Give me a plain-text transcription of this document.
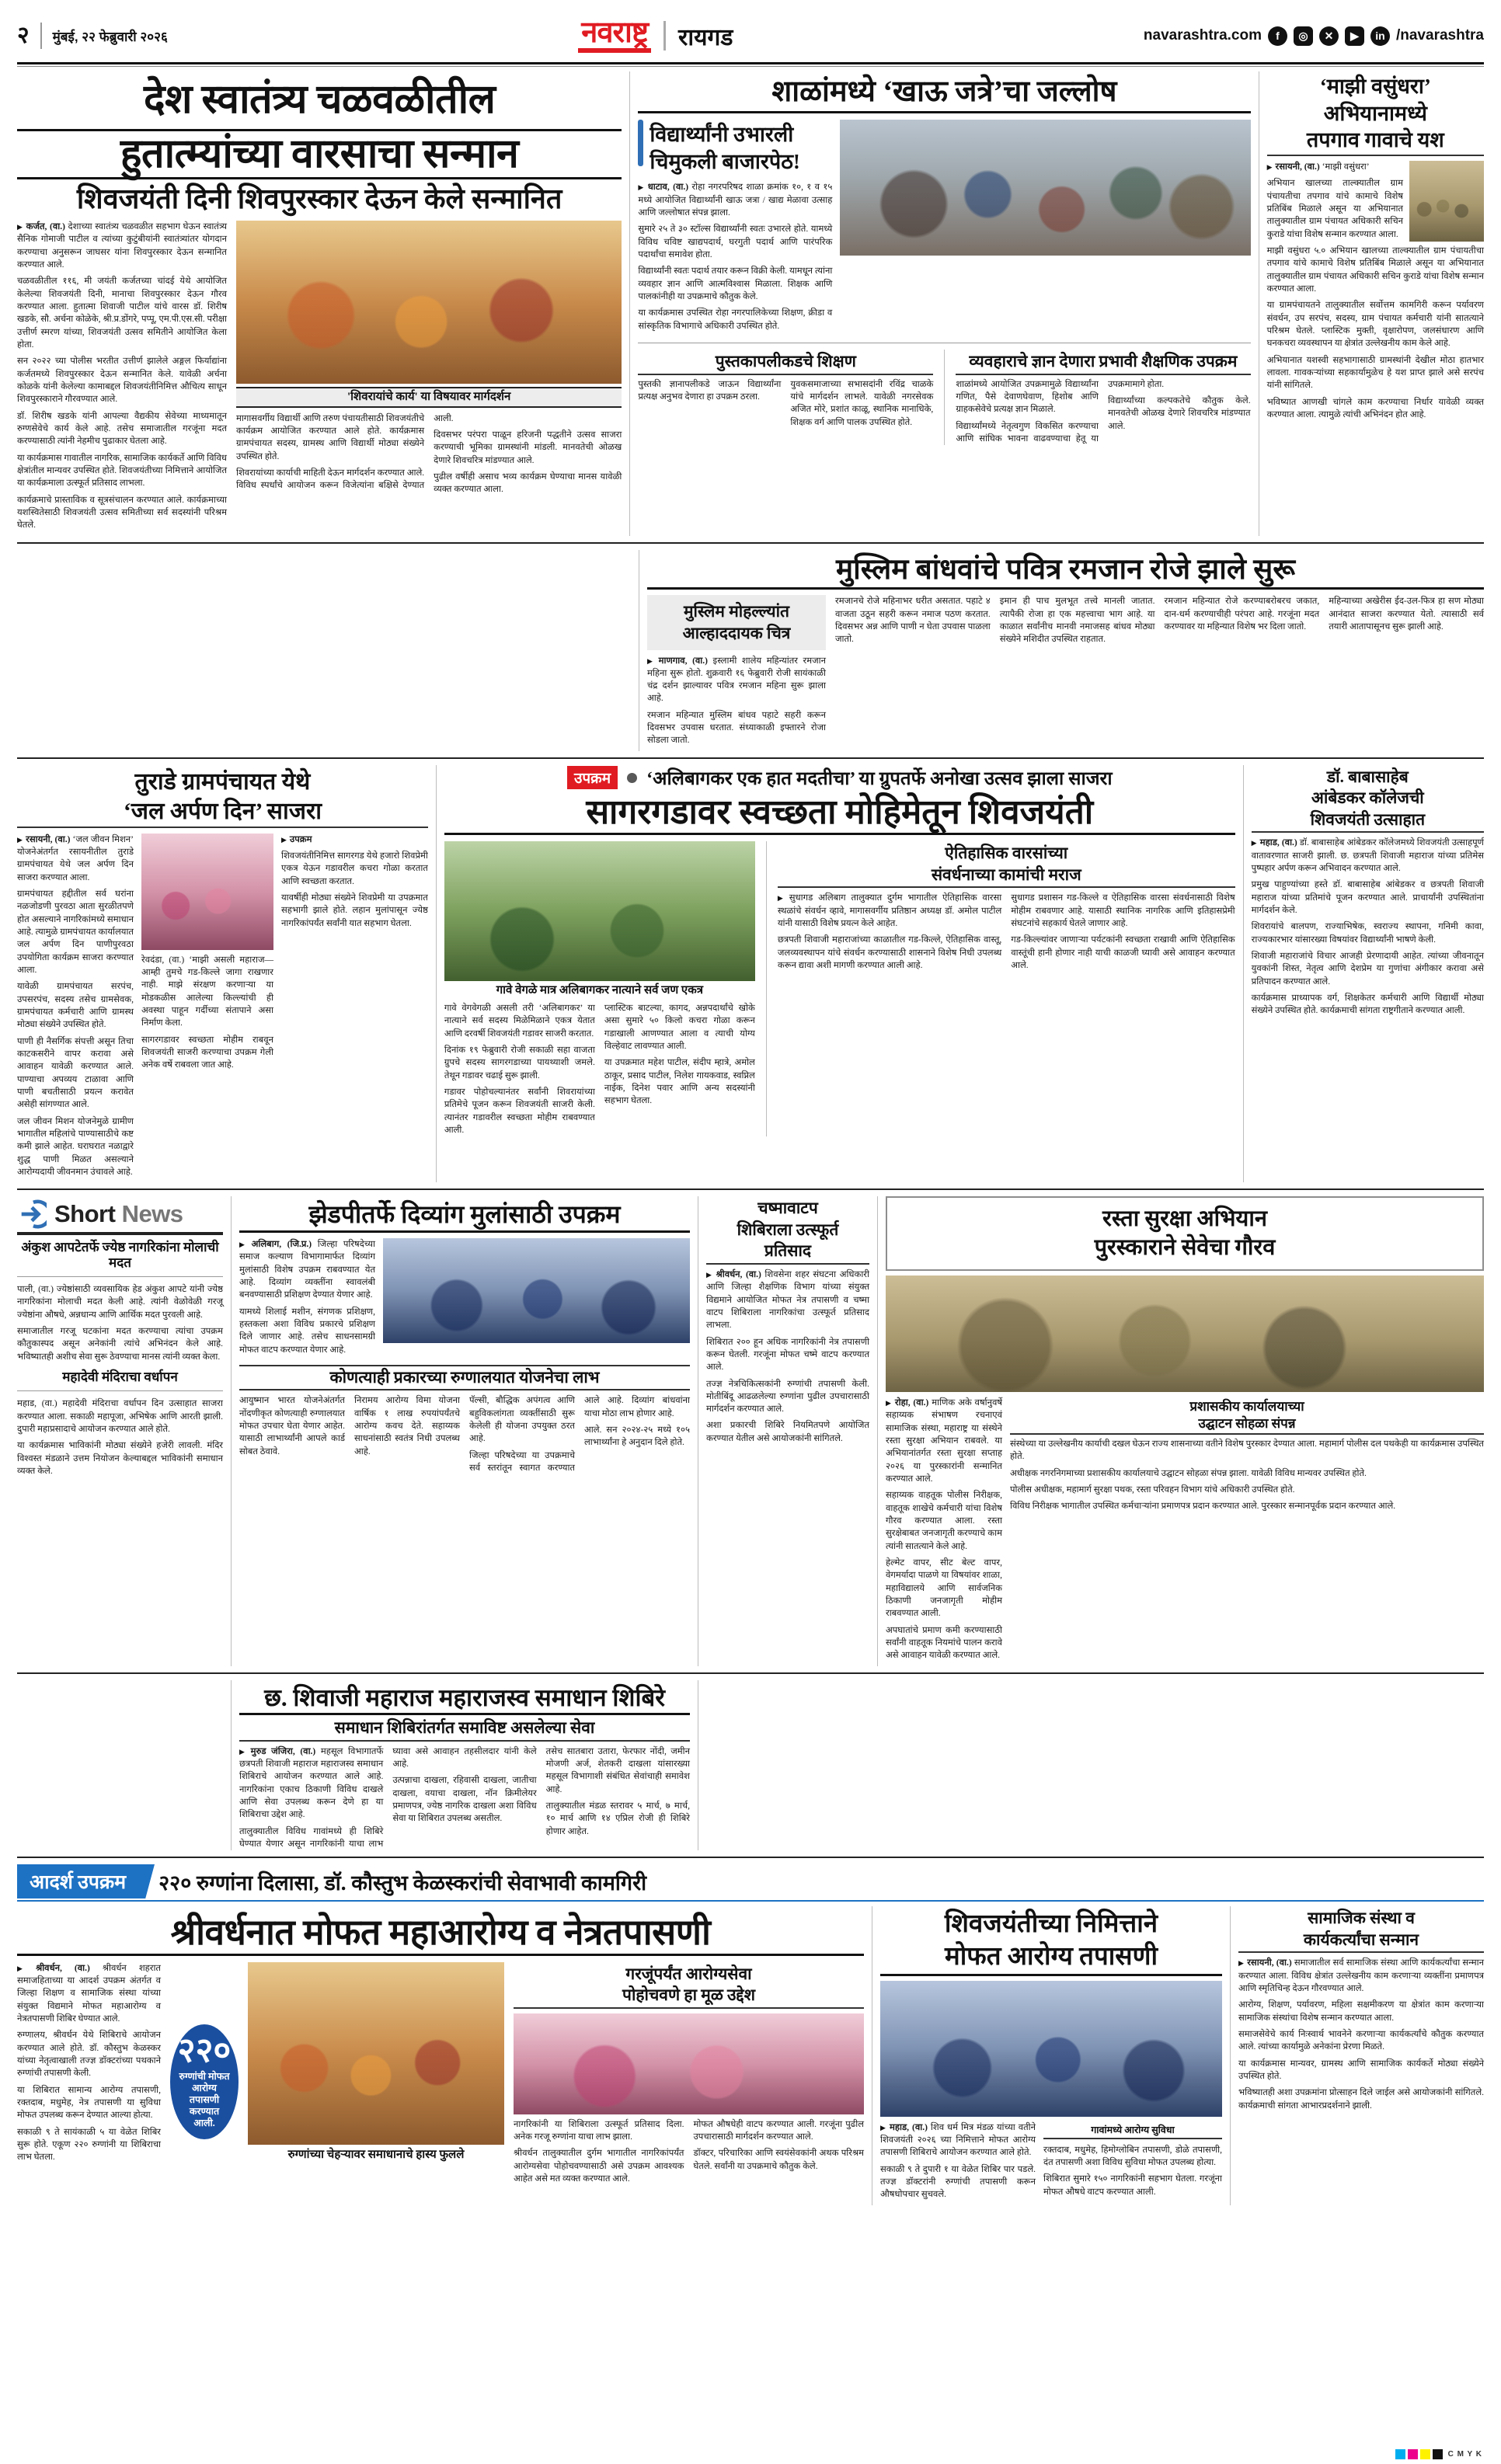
२ मुंबई, २२ फेब्रुवारी २०२६	नवराष्ट्र रायगड	navarashtra.com	f	◎	✕	▶	in /navarashtra
देश स्वातंत्र्य चळवळीतील
हुतात्म्यांच्या वारसाचा सन्मान
शिवजयंती दिनी शिवपुरस्कार देऊन केले सन्मानित

▶ कर्जत, (वा.) देशाच्या स्वातंत्र्य चळवळीत सहभाग घेऊन स्वातंत्र्य सैनिक गोमाजी पाटील व त्यांच्या कुटुंबीयांनी स्वातंत्र्यांतर योगदान करण्याचा अनुसरून जाघसर यांना शिवपुरस्कार देऊन सन्मानित करण्यात आले.

चळवळीतील ११६, मी जयंती कर्जतच्या चांदई येथे आयोजित केलेल्या शिवजयंती दिनी, मानाचा शिवपुरस्कार देऊन गौरव करण्यात आला. हुतात्मा शिवाजी पाटील यांचे वारस डॉ. शिरीष खडके, सौ. अर्चना कोळेके, श्री.प्र.डोंगरे, पप्पू, एम.पी.एस.सी. परीक्षा उत्तीर्ण स्मरण यांच्या, शिवजयंती उत्सव समितीने आयोजित केला होता.

सन २०२२ च्या पोलीस भरतीत उत्तीर्ण झालेले अङ्गल फिर्याद्यांना कर्जतमध्ये शिवपुरस्कार देऊन सन्मानित केले. यावेळी अर्चना कोळके यांनी केलेल्या कामाबद्दल शिवजयंतीनिमित्त औचित्य साधून शिवपुरस्काराने गौरवण्यात आले.

डॉ. शिरीष खडके यांनी आपल्या वैद्यकीय सेवेच्या माध्यमातून रुग्णसेवेचे कार्य केले आहे. तसेच समाजातील गरजूंना मदत करण्यासाठी त्यांनी नेहमीच पुढाकार घेतला आहे.

या कार्यक्रमास गावातील नागरिक, सामाजिक कार्यकर्ते आणि विविध क्षेत्रांतील मान्यवर उपस्थित होते. शिवजयंतीच्या निमित्ताने आयोजित या कार्यक्रमाला उत्स्फूर्त प्रतिसाद लाभला.

कार्यक्रमाचे प्रास्ताविक व सूत्रसंचालन करण्यात आले. कार्यक्रमाच्या यशस्वितेसाठी शिवजयंती उत्सव समितीच्या सर्व सदस्यांनी परिश्रम घेतले.

'शिवरायांचे कार्य' या विषयावर मार्गदर्शन

मागासवर्गीय विद्यार्थी आणि तरुण पंचायतीसाठी शिवजयंतीचे कार्यक्रम आयोजित करण्यात आले होते. कार्यक्रमास ग्रामपंचायत सदस्य, ग्रामस्थ आणि विद्यार्थी मोठ्या संख्येने उपस्थित होते.

शिवरायांच्या कार्याची माहिती देऊन मार्गदर्शन करण्यात आले. विविध स्पर्धांचे आयोजन करून विजेत्यांना बक्षिसे देण्यात आली.

दिवसभर परंपरा पाळून हरिजनी पद्धतीने उत्सव साजरा करण्याची भूमिका ग्रामस्थांनी मांडली. मानवतेची ओळख देणारे शिवचरित्र मांडण्यात आले.

पुढील वर्षीही असाच भव्य कार्यक्रम घेण्याचा मानस यावेळी व्यक्त करण्यात आला.

शाळांमध्ये ‘खाऊ जत्रे’चा जल्लोष
विद्यार्थ्यांनी उभारली
चिमुकली बाजारपेठ!

▶ धाटाव, (वा.) रोहा नगरपरिषद शाळा क्रमांक १०, १ व १५ मध्ये आयोजित विद्यार्थ्यांनी खाऊ जत्रा / खाद्य मेळावा उत्साह आणि जल्लोषात संपन्न झाला.

सुमारे २५ ते ३० स्टॉल्स विद्यार्थ्यांनी स्वतः उभारले होते. यामध्ये विविध चविष्ट खाद्यपदार्थ, घरगुती पदार्थ आणि पारंपरिक पदार्थांचा समावेश होता.

विद्यार्थ्यांनी स्वतः पदार्थ तयार करून विक्री केली. यामधून त्यांना व्यवहार ज्ञान आणि आत्मविश्वास मिळाला. शिक्षक आणि पालकांनीही या उपक्रमाचे कौतुक केले.

या कार्यक्रमास उपस्थित रोहा नगरपालिकेच्या शिक्षण, क्रीडा व सांस्कृतिक विभागाचे अधिकारी उपस्थित होते.

पुस्तकापलीकडचे शिक्षण

पुस्तकी ज्ञानापलीकडे जाऊन विद्यार्थ्यांना प्रत्यक्ष अनुभव देणारा हा उपक्रम ठरला.

युवकसमाजाच्या सभासदांनी रविंद्र चाळके यांचे मार्गदर्शन लाभले. यावेळी नगरसेवक अजित मोरे, प्रशांत काळू, स्थानिक मानाधिके, शिक्षक वर्ग आणि पालक उपस्थित होते.

व्यवहाराचे ज्ञान देणारा प्रभावी शैक्षणिक उपक्रम

शाळांमध्ये आयोजित उपक्रमामुळे विद्यार्थ्यांना गणित, पैसे देवाणघेवाण, हिशोब आणि ग्राहकसेवेचे प्रत्यक्ष ज्ञान मिळाले.

विद्यार्थ्यांमध्ये नेतृत्वगुण विकसित करण्याचा आणि सांघिक भावना वाढवण्याचा हेतू या उपक्रमामागे होता.

विद्यार्थ्यांच्या कल्पकतेचे कौतुक केले. मानवतेची ओळख देणारे शिवचरित्र मांडण्यात आले.

‘माझी वसुंधरा’
अभियानामध्ये
तपगाव गावाचे यश

▶ रसायनी, (वा.) ‘माझी वसुंधरा’

अभियान खालच्या ताल्क्यातील ग्राम पंचायतीचा तपगाव यांचे कामाचे विशेष प्रतिबिंब मिळाले असून या अभियानात तालुक्यातील ग्राम पंचायत अधिकारी सचिन कुराडे यांचा विशेष सन्मान करण्यात आला.

माझी वसुंधरा ५.० अभियान खालच्या ताल्क्यातील ग्राम पंचायतीचा तपगाव यांचे कामाचे विशेष प्रतिबिंब मिळाले असून या अभियानात तालुक्यातील ग्राम पंचायत अधिकारी सचिन कुराडे यांचा विशेष सन्मान करण्यात आला.

या ग्रामपंचायतने तालुक्यातील सर्वोत्तम कामगिरी करून पर्यावरण संवर्धन, उप सरपंच, सदस्य, ग्राम पंचायत कर्मचारी यांनी सातत्याने परिश्रम घेतले. प्लास्टिक मुक्ती, वृक्षारोपण, जलसंधारण आणि घनकचरा व्यवस्थापन या क्षेत्रांत उल्लेखनीय काम केले आहे.

अभियानात यशस्वी सहभागासाठी ग्रामस्थांनी देखील मोठा हातभार लावला. गावकऱ्यांच्या सहकार्यामुळेच हे यश प्राप्त झाले असे सरपंच यांनी सांगितले.

भविष्यात आणखी चांगले काम करण्याचा निर्धार यावेळी व्यक्त करण्यात आला. त्यामुळे त्यांची अभिनंदन होत आहे.

मुस्लिम बांधवांचे पवित्र रमजान रोजे झाले सुरू
मुस्लिम मोहल्ल्यांत
आल्हाददायक चित्र

▶ माणगाव, (वा.) इस्लामी शालेय महिन्यांतर रमजान महिना सुरू होतो. शुक्रवारी १६ फेब्रुवारी रोजी सायंकाळी चंद्र दर्शन झाल्यावर पवित्र रमजान महिना सुरू झाला आहे.

रमजान महिन्यात मुस्लिम बांधव पहाटे सहरी करून दिवसभर उपवास धरतात. संध्याकाळी इफ्तारने रोजा सोडला जातो.

रमजानचे रोजे महिनाभर धरीत असतात. पहाटे ४ वाजता उठून सहरी करून नमाज पठण करतात. दिवसभर अन्न आणि पाणी न घेता उपवास पाळला जातो.

इमान ही पाच मुलभूत तत्त्वे मानली जातात. त्यापैकी रोजा हा एक महत्त्वाचा भाग आहे. या काळात सर्वांनीच मानवी नमाजसह बांधव मोठ्या संख्येने मशिदीत उपस्थित राहतात.

रमजान महिन्यात रोजे करण्याबरोबरच जकात, दान-धर्म करण्याचीही परंपरा आहे. गरजूंना मदत करण्यावर या महिन्यात विशेष भर दिला जातो.

महिन्याच्या अखेरीस ईद-उल-फित्र हा सण मोठ्या आनंदात साजरा करण्यात येतो. त्यासाठी सर्व तयारी आतापासूनच सुरू झाली आहे.

तुराडे ग्रामपंचायत येथे
‘जल अर्पण दिन’ साजरा

▶ रसायनी, (वा.) ‘जल जीवन मिशन’ योजनेअंतर्गत रसायनीतील तुराडे ग्रामपंचायत येथे जल अर्पण दिन साजरा करण्यात आला.

ग्रामपंचायत हद्दीतील सर्व घरांना नळजोडणी पुरवठा आता सुरळीतपणे होत असल्याने नागरिकांमध्ये समाधान आहे. त्यामुळे ग्रामपंचायत कार्यालयात जल अर्पण दिन पाणीपुरवठा उपयोगिता कार्यक्रम साजरा करण्यात आला.

यावेळी ग्रामपंचायत सरपंच, उपसरपंच, सदस्य तसेच ग्रामसेवक, ग्रामपंचायत कर्मचारी आणि ग्रामस्थ मोठ्या संख्येने उपस्थित होते.

पाणी ही नैसर्गिक संपत्ती असून तिचा काटकसरीने वापर करावा असे आवाहन यावेळी करण्यात आले. पाण्याचा अपव्यय टाळावा आणि पाणी बचतीसाठी प्रयत्न करावेत असेही सांगण्यात आले.

जल जीवन मिशन योजनेमुळे ग्रामीण भागातील महिलांचे पाण्यासाठीचे कष्ट कमी झाले आहेत. घराघरात नळाद्वारे शुद्ध पाणी मिळत असल्याने आरोग्यदायी जीवनमान उंचावले आहे.

रेवदंडा, (वा.) ‘माझी असली महाराज—आम्ही तुमचे गड-किल्ले जागा राखणार नाही. माझे संरक्षण करणाऱ्या या मोडकळीस आलेल्या किल्ल्यांची ही अवस्था पाहून गर्दीच्या संतापाने असा निर्माण केला.

सागरगडावर स्वच्छता मोहीम राबवून शिवजयंती साजरी करण्याचा उपक्रम गेली अनेक वर्षे राबवला जात आहे.

▶ उपक्रम

शिवजयंतीनिमित्त सागरगड येथे हजारो शिवप्रेमी एकत्र येऊन गडावरील कचरा गोळा करतात आणि स्वच्छता करतात.

यावर्षीही मोठ्या संख्येने शिवप्रेमी या उपक्रमात सहभागी झाले होते. लहान मुलांपासून ज्येष्ठ नागरिकांपर्यंत सर्वांनी यात सहभाग घेतला.

उपक्रम	‘अलिबागकर एक हात मदतीचा’ या ग्रुपतर्फे अनोखा उत्सव झाला साजरा
सागरगडावर स्वच्छता मोहिमेतून शिवजयंती
गावे वेगळे मात्र अलिबागकर नात्याने सर्व जण एकत्र

गावे वेगवेगळी असली तरी ‘अलिबागकर’ या नात्याने सर्व सदस्य मिळेमिळाने एकत्र येतात आणि दरवर्षी शिवजयंती गडावर साजरी करतात.

दिनांक १९ फेब्रुवारी रोजी सकाळी सहा वाजता ग्रुपचे सदस्य सागरगडाच्या पायथ्याशी जमले. तेथून गडावर चढाई सुरू झाली.

गडावर पोहोचल्यानंतर सर्वांनी शिवरायांच्या प्रतिमेचे पूजन करून शिवजयंती साजरी केली. त्यानंतर गडावरील स्वच्छता मोहीम राबवण्यात आली.

प्लास्टिक बाटल्या, कागद, अन्नपदार्थांचे खोके असा सुमारे ५० किलो कचरा गोळा करून गडाखाली आणण्यात आला व त्याची योग्य विल्हेवाट लावण्यात आली.

या उपक्रमात महेश पाटील, संदीप म्हात्रे, अमोल ठाकूर, प्रसाद पाटील, निलेश गायकवाड, स्वप्निल नाईक, दिनेश पवार आणि अन्य सदस्यांनी सहभाग घेतला.

ऐतिहासिक वारसांच्या
संवर्धनाच्या कामांची मराज

▶ सुधागड अलिबाग तालुक्यात दुर्गम भागातील ऐतिहासिक वारसा स्थळांचे संवर्धन व्हावे, मागासवर्गीय प्रतिष्ठान अध्यक्ष डॉ. अमोल पाटील यांनी यासाठी विशेष प्रयत्न केले आहेत.

छत्रपती शिवाजी महाराजांच्या काळातील गड-किल्ले, ऐतिहासिक वास्तू, जलव्यवस्थापन यांचे संवर्धन करण्यासाठी शासनाने विशेष निधी उपलब्ध करून द्यावा अशी मागणी करण्यात आली आहे.

सुधागड प्रशासन गड-किल्ले व ऐतिहासिक वारसा संवर्धनासाठी विशेष मोहीम राबवणार आहे. यासाठी स्थानिक नागरिक आणि इतिहासप्रेमी संघटनांचे सहकार्य घेतले जाणार आहे.

गड-किल्ल्यांवर जाणाऱ्या पर्यटकांनी स्वच्छता राखावी आणि ऐतिहासिक वास्तूंची हानी होणार नाही याची काळजी घ्यावी असे आवाहन करण्यात आले.

डॉ. बाबासाहेब
आंबेडकर कॉलेजची
शिवजयंती उत्साहात

▶ महाड, (वा.) डॉ. बाबासाहेब आंबेडकर कॉलेजमध्ये शिवजयंती उत्साहपूर्ण वातावरणात साजरी झाली. छ. छत्रपती शिवाजी महाराज यांच्या प्रतिमेस पुष्पहार अर्पण करून अभिवादन करण्यात आले.

प्रमुख पाहुण्यांच्या हस्ते डॉ. बाबासाहेब आंबेडकर व छत्रपती शिवाजी महाराज यांच्या प्रतिमांचे पूजन करण्यात आले. प्राचार्यांनी उपस्थितांना मार्गदर्शन केले.

शिवरायांचे बालपण, राज्याभिषेक, स्वराज्य स्थापना, गनिमी कावा, राज्यकारभार यांसारख्या विषयांवर विद्यार्थ्यांनी भाषणे केली.

शिवाजी महाराजांचे विचार आजही प्रेरणादायी आहेत. त्यांच्या जीवनातून युवकांनी शिस्त, नेतृत्व आणि देशप्रेम या गुणांचा अंगीकार करावा असे प्रतिपादन करण्यात आले.

कार्यक्रमास प्राध्यापक वर्ग, शिक्षकेतर कर्मचारी आणि विद्यार्थी मोठ्या संख्येने उपस्थित होते. कार्यक्रमाची सांगता राष्ट्रगीताने करण्यात आली.

Short News
अंकुश आपटेतर्फे ज्येष्ठ नागरिकांना मोलाची मदत

पाली, (वा.) ज्येष्ठांसाठी व्यवसायिक हेड अंकुश आपटे यांनी ज्येष्ठ नागरिकांना मोलाची मदत केली आहे. त्यांनी वेळोवेळी गरजू ज्येष्ठांना औषधे, अन्नधान्य आणि आर्थिक मदत पुरवली आहे.

समाजातील गरजू घटकांना मदत करण्याचा त्यांचा उपक्रम कौतुकास्पद असून अनेकांनी त्यांचे अभिनंदन केले आहे. भविष्यातही अशीच सेवा सुरू ठेवण्याचा मानस त्यांनी व्यक्त केला.

महादेवी मंदिराचा वर्धापन

महाड, (वा.) महादेवी मंदिराचा वर्धापन दिन उत्साहात साजरा करण्यात आला. सकाळी महापूजा, अभिषेक आणि आरती झाली. दुपारी महाप्रसादाचे आयोजन करण्यात आले होते.

या कार्यक्रमास भाविकांनी मोठ्या संख्येने हजेरी लावली. मंदिर विश्वस्त मंडळाने उत्तम नियोजन केल्याबद्दल भाविकांनी समाधान व्यक्त केले.

झेडपीतर्फे दिव्यांग मुलांसाठी उपक्रम

▶ अलिबाग, (जि.प्र.) जिल्हा परिषदेच्या समाज कल्याण विभागामार्फत दिव्यांग मुलांसाठी विशेष उपक्रम राबवण्यात येत आहे. दिव्यांग व्यक्तींना स्वावलंबी बनवण्यासाठी प्रशिक्षण देण्यात येणार आहे.

यामध्ये शिलाई मशीन, संगणक प्रशिक्षण, हस्तकला अशा विविध प्रकारचे प्रशिक्षण दिले जाणार आहे. तसेच साधनसामग्री मोफत वाटप करण्यात येणार आहे.

कोणत्याही प्रकारच्या रुग्णालयात योजनेचा लाभ

आयुष्मान भारत योजनेअंतर्गत नोंदणीकृत कोणत्याही रुग्णालयात मोफत उपचार घेता येणार आहेत. यासाठी लाभार्थ्यांनी आपले कार्ड सोबत ठेवावे.

निरामय आरोग्य विमा योजना वार्षिक १ लाख रुपयांपर्यंतचे आरोग्य कवच देते. सहाय्यक साधनांसाठी स्वतंत्र निधी उपलब्ध आहे.

पॅल्सी, बौद्धिक अपंगत्व आणि बहुविकलांगता व्यक्तींसाठी सुरू केलेली ही योजना उपयुक्त ठरत आहे.

जिल्हा परिषदेच्या या उपक्रमाचे सर्व स्तरांतून स्वागत करण्यात आले आहे. दिव्यांग बांधवांना याचा मोठा लाभ होणार आहे.

आले. सन २०२४-२५ मध्ये १०५ लाभार्थ्यांना हे अनुदान दिले होते.

चष्मावाटप
शिबिराला उत्स्फूर्त
प्रतिसाद

▶ श्रीवर्धन, (वा.) शिवसेना शहर संघटना अधिकारी आणि जिल्हा शैक्षणिक विभाग यांच्या संयुक्त विद्यमाने आयोजित मोफत नेत्र तपासणी व चष्मा वाटप शिबिराला नागरिकांचा उत्स्फूर्त प्रतिसाद लाभला.

शिबिरात २०० हून अधिक नागरिकांनी नेत्र तपासणी करून घेतली. गरजूंना मोफत चष्मे वाटप करण्यात आले.

तज्ज्ञ नेत्रचिकित्सकांनी रुग्णांची तपासणी केली. मोतीबिंदू आढळलेल्या रुग्णांना पुढील उपचारासाठी मार्गदर्शन करण्यात आले.

अशा प्रकारची शिबिरे नियमितपणे आयोजित करण्यात येतील असे आयोजकांनी सांगितले.

रस्ता सुरक्षा अभियान
पुरस्काराने सेवेचा गौरव

▶ रोहा, (वा.) माणिक अके वर्षानुवर्षे सहाय्यक संभाषण रचनाएवं सामाजिक संस्था, महाराष्ट्र या संस्थेने रस्ता सुरक्षा अभियान राबवले. या अभियानांतर्गत रस्ता सुरक्षा सप्ताह २०२६ या पुरस्कारांनी सन्मानित करण्यात आले.

सहाय्यक वाहतूक पोलीस निरीक्षक, वाहतूक शाखेचे कर्मचारी यांचा विशेष गौरव करण्यात आला. रस्ता सुरक्षेबाबत जनजागृती करण्याचे काम त्यांनी सातत्याने केले आहे.

हेल्मेट वापर, सीट बेल्ट वापर, वेगमर्यादा पाळणे या विषयांवर शाळा, महाविद्यालये आणि सार्वजनिक ठिकाणी जनजागृती मोहीम राबवण्यात आली.

अपघातांचे प्रमाण कमी करण्यासाठी सर्वांनी वाहतूक नियमांचे पालन करावे असे आवाहन यावेळी करण्यात आले.

प्रशासकीय कार्यालयाच्या
उद्घाटन सोहळा संपन्न

संस्थेच्या या उल्लेखनीय कार्याची दखल घेऊन राज्य शासनाच्या वतीने विशेष पुरस्कार देण्यात आला. महामार्ग पोलीस दल पथकेही या कार्यक्रमास उपस्थित होते.

अधीक्षक नगरनिगमाच्या प्रशासकीय कार्यालयाचे उद्घाटन सोहळा संपन्न झाला. यावेळी विविध मान्यवर उपस्थित होते.

पोलीस अधीक्षक, महामार्ग सुरक्षा पथक, रस्ता परिवहन विभाग यांचे अधिकारी उपस्थित होते.

विविध निरीक्षक भागातील उपस्थित कर्मचाऱ्यांना प्रमाणपत्र प्रदान करण्यात आले. पुरस्कार सन्मानपूर्वक प्रदान करण्यात आले.

छ. शिवाजी महाराज महाराजस्व समाधान शिबिरे
समाधान शिबिरांतर्गत समाविष्ट असलेल्या सेवा

▶ मुरुड जंजिरा, (वा.) महसूल विभागातर्फे छत्रपती शिवाजी महाराज महाराजस्व समाधान शिबिराचे आयोजन करण्यात आले आहे. नागरिकांना एकाच ठिकाणी विविध दाखले आणि सेवा उपलब्ध करून देणे हा या शिबिराचा उद्देश आहे.

तालुक्यातील विविध गावांमध्ये ही शिबिरे घेण्यात येणार असून नागरिकांनी याचा लाभ घ्यावा असे आवाहन तहसीलदार यांनी केले आहे.

उत्पन्नाचा दाखला, रहिवासी दाखला, जातीचा दाखला, वयाचा दाखला, नॉन क्रिमीलेयर प्रमाणपत्र, ज्येष्ठ नागरिक दाखला अशा विविध सेवा या शिबिरात उपलब्ध असतील.

तसेच सातबारा उतारा, फेरफार नोंदी, जमीन मोजणी अर्ज, शेतकरी दाखला यांसारख्या महसूल विभागाशी संबंधित सेवांचाही समावेश आहे.

तालुक्यातील मंडळ स्तरावर ५ मार्च, ७ मार्च, १० मार्च आणि १४ एप्रिल रोजी ही शिबिरे होणार आहेत.

आदर्श उपक्रम	२२० रुग्णांना दिलासा, डॉ. कौस्तुभ केळस्करांची सेवाभावी कामगिरी
श्रीवर्धनात मोफत महाआरोग्य व नेत्रतपासणी

▶ श्रीवर्धन, (वा.) श्रीवर्धन शहरात समाजहिताच्या या आदर्श उपक्रम अंतर्गत व जिल्हा शिक्षण व सामाजिक संस्था यांच्या संयुक्त विद्यमाने मोफत महाआरोग्य व नेत्रतपासणी शिबिर घेण्यात आले.

रुग्णालय, श्रीवर्धन येथे शिबिराचे आयोजन करण्यात आले होते. डॉ. कौस्तुभ केळस्कर यांच्या नेतृत्वाखाली तज्ज्ञ डॉक्टरांच्या पथकाने रुग्णांची तपासणी केली.

या शिबिरात सामान्य आरोग्य तपासणी, रक्तदाब, मधुमेह, नेत्र तपासणी या सुविधा मोफत उपलब्ध करून देण्यात आल्या होत्या.

सकाळी ९ ते सायंकाळी ५ या वेळेत शिबिर सुरू होते. एकूण २२० रुग्णांनी या शिबिराचा लाभ घेतला.

२२०
रुग्णांची मोफत आरोग्य तपासणी करण्यात आली.
रुग्णांच्या चेहऱ्यावर समाधानाचे हास्य फुलले
गरजूंपर्यंत आरोग्यसेवा
पोहोचवणे हा मूळ उद्देश

नागरिकांनी या शिबिराला उत्स्फूर्त प्रतिसाद दिला. अनेक गरजू रुग्णांना याचा लाभ झाला.

श्रीवर्धन तालुक्यातील दुर्गम भागातील नागरिकांपर्यंत आरोग्यसेवा पोहोचवण्यासाठी असे उपक्रम आवश्यक आहेत असे मत व्यक्त करण्यात आले.

मोफत औषधेही वाटप करण्यात आली. गरजूंना पुढील उपचारासाठी मार्गदर्शन करण्यात आले.

डॉक्टर, परिचारिका आणि स्वयंसेवकांनी अथक परिश्रम घेतले. सर्वांनी या उपक्रमाचे कौतुक केले.

शिवजयंतीच्या निमित्ताने
मोफत आरोग्य तपासणी

▶ महाड, (वा.) शिव धर्म मित्र मंडळ यांच्या वतीने शिवजयंती २०२६ च्या निमित्ताने मोफत आरोग्य तपासणी शिबिराचे आयोजन करण्यात आले होते.

सकाळी ९ ते दुपारी १ या वेळेत शिबिर पार पडले. तज्ज्ञ डॉक्टरांनी रुग्णांची तपासणी करून औषधोपचार सुचवले.

गावांमध्ये आरोग्य सुविधा

रक्तदाब, मधुमेह, हिमोग्लोबिन तपासणी, डोळे तपासणी, दंत तपासणी अशा विविध सुविधा मोफत उपलब्ध होत्या.

शिबिरात सुमारे १५० नागरिकांनी सहभाग घेतला. गरजूंना मोफत औषधे वाटप करण्यात आली.

सामाजिक संस्था व
कार्यकर्त्यांचा सन्मान

▶ रसायनी, (वा.) समाजातील सर्व सामाजिक संस्था आणि कार्यकर्त्यांचा सन्मान करण्यात आला. विविध क्षेत्रांत उल्लेखनीय काम करणाऱ्या व्यक्तींना प्रमाणपत्र आणि स्मृतिचिन्ह देऊन गौरवण्यात आले.

आरोग्य, शिक्षण, पर्यावरण, महिला सक्षमीकरण या क्षेत्रांत काम करणाऱ्या सामाजिक संस्थांचा विशेष सन्मान करण्यात आला.

समाजसेवेचे कार्य निःस्वार्थ भावनेने करणाऱ्या कार्यकर्त्यांचे कौतुक करण्यात आले. त्यांच्या कार्यामुळे अनेकांना प्रेरणा मिळते.

या कार्यक्रमास मान्यवर, ग्रामस्थ आणि सामाजिक कार्यकर्ते मोठ्या संख्येने उपस्थित होते.

भविष्यातही अशा उपक्रमांना प्रोत्साहन दिले जाईल असे आयोजकांनी सांगितले. कार्यक्रमाची सांगता आभारप्रदर्शनाने झाली.

C M Y K
